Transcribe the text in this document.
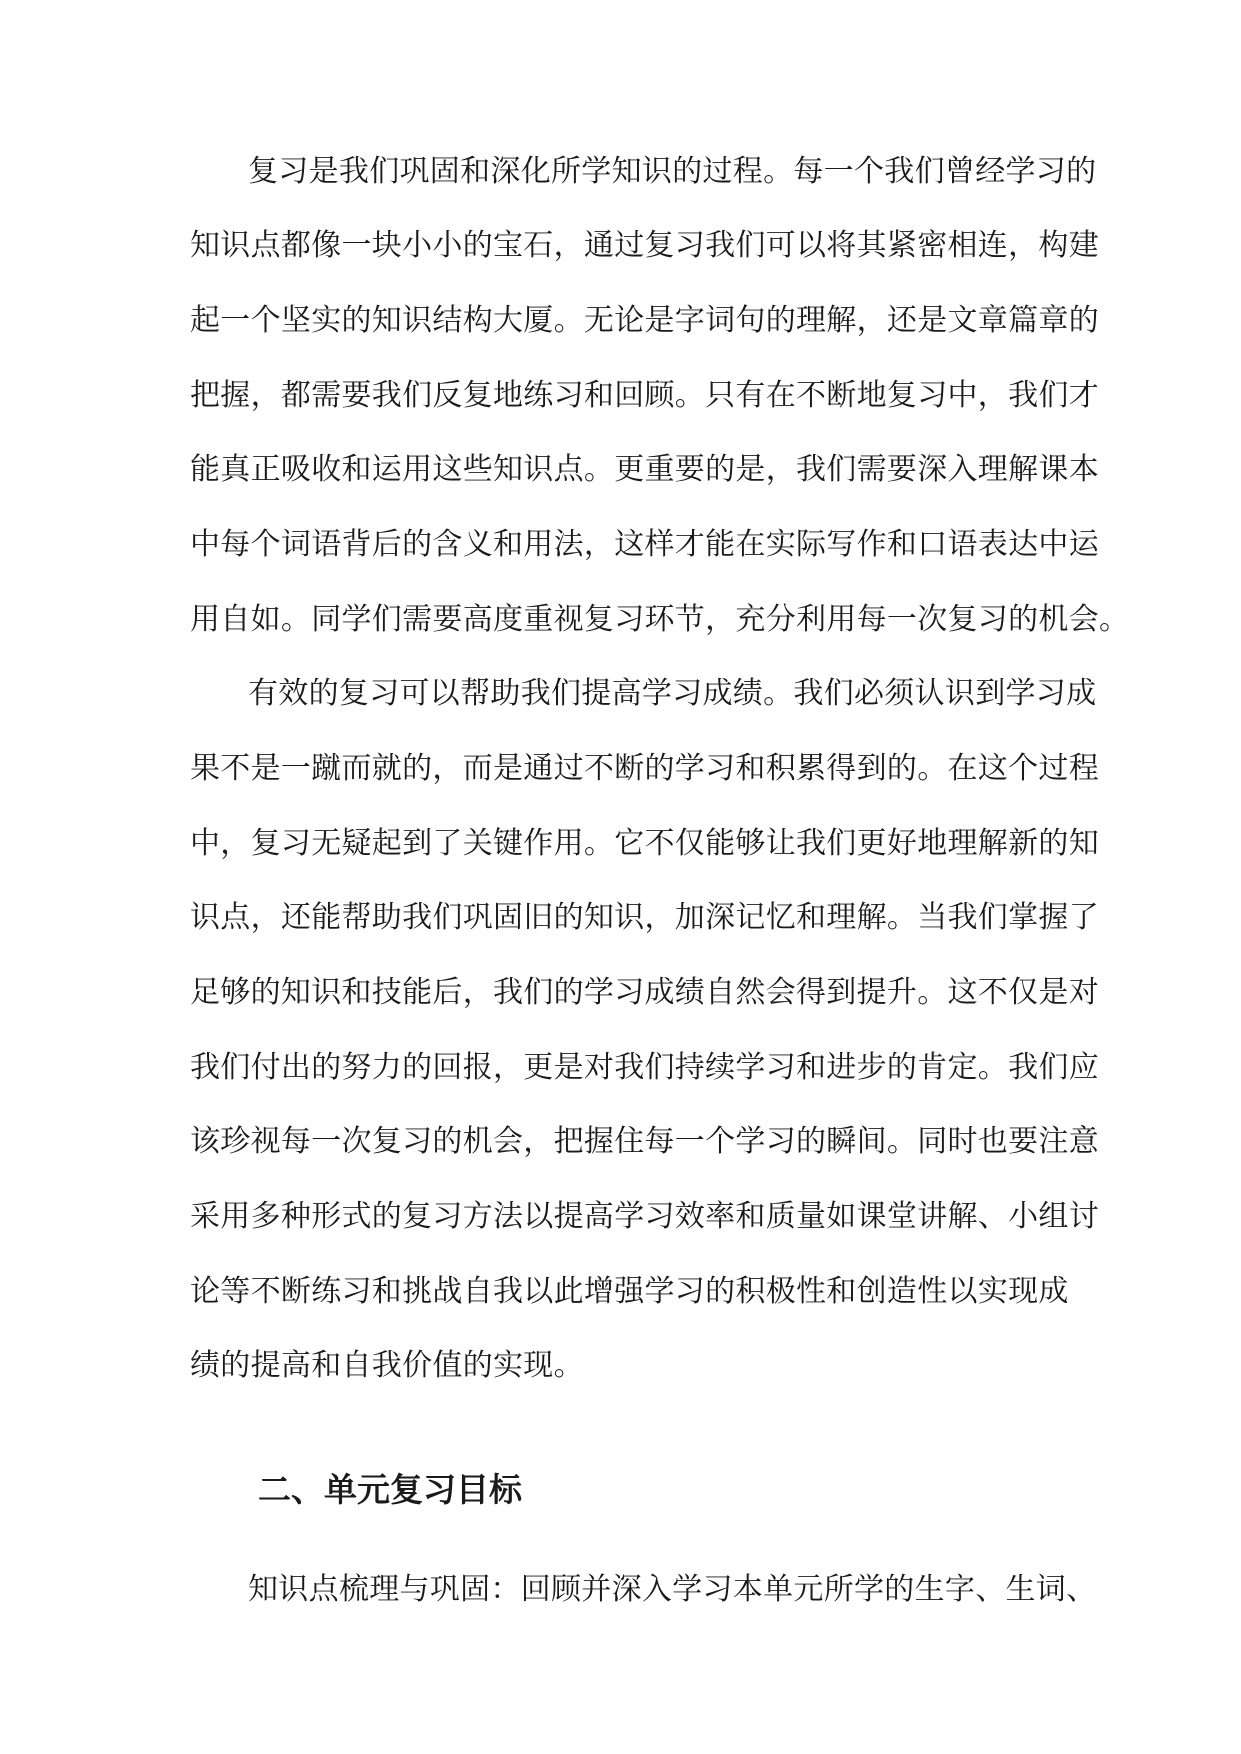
复习是我们巩固和深化所学知识的过程。每一个我们曾经学习的
知识点都像一块小小的宝石，通过复习我们可以将其紧密相连，构建
起一个坚实的知识结构大厦。无论是字词句的理解，还是文章篇章的
把握，都需要我们反复地练习和回顾。只有在不断地复习中，我们才
能真正吸收和运用这些知识点。更重要的是，我们需要深入理解课本
中每个词语背后的含义和用法，这样才能在实际写作和口语表达中运
用自如。同学们需要高度重视复习环节，充分利用每一次复习的机会。
有效的复习可以帮助我们提高学习成绩。我们必须认识到学习成
果不是一蹴而就的，而是通过不断的学习和积累得到的。在这个过程
中，复习无疑起到了关键作用。它不仅能够让我们更好地理解新的知
识点，还能帮助我们巩固旧的知识，加深记忆和理解。当我们掌握了
足够的知识和技能后，我们的学习成绩自然会得到提升。这不仅是对
我们付出的努力的回报，更是对我们持续学习和进步的肯定。我们应
该珍视每一次复习的机会，把握住每一个学习的瞬间。同时也要注意
采用多种形式的复习方法以提高学习效率和质量如课堂讲解、小组讨
论等不断练习和挑战自我以此增强学习的积极性和创造性以实现成
绩的提高和自我价值的实现。
二、单元复习目标
知识点梳理与巩固：回顾并深入学习本单元所学的生字、生词、
